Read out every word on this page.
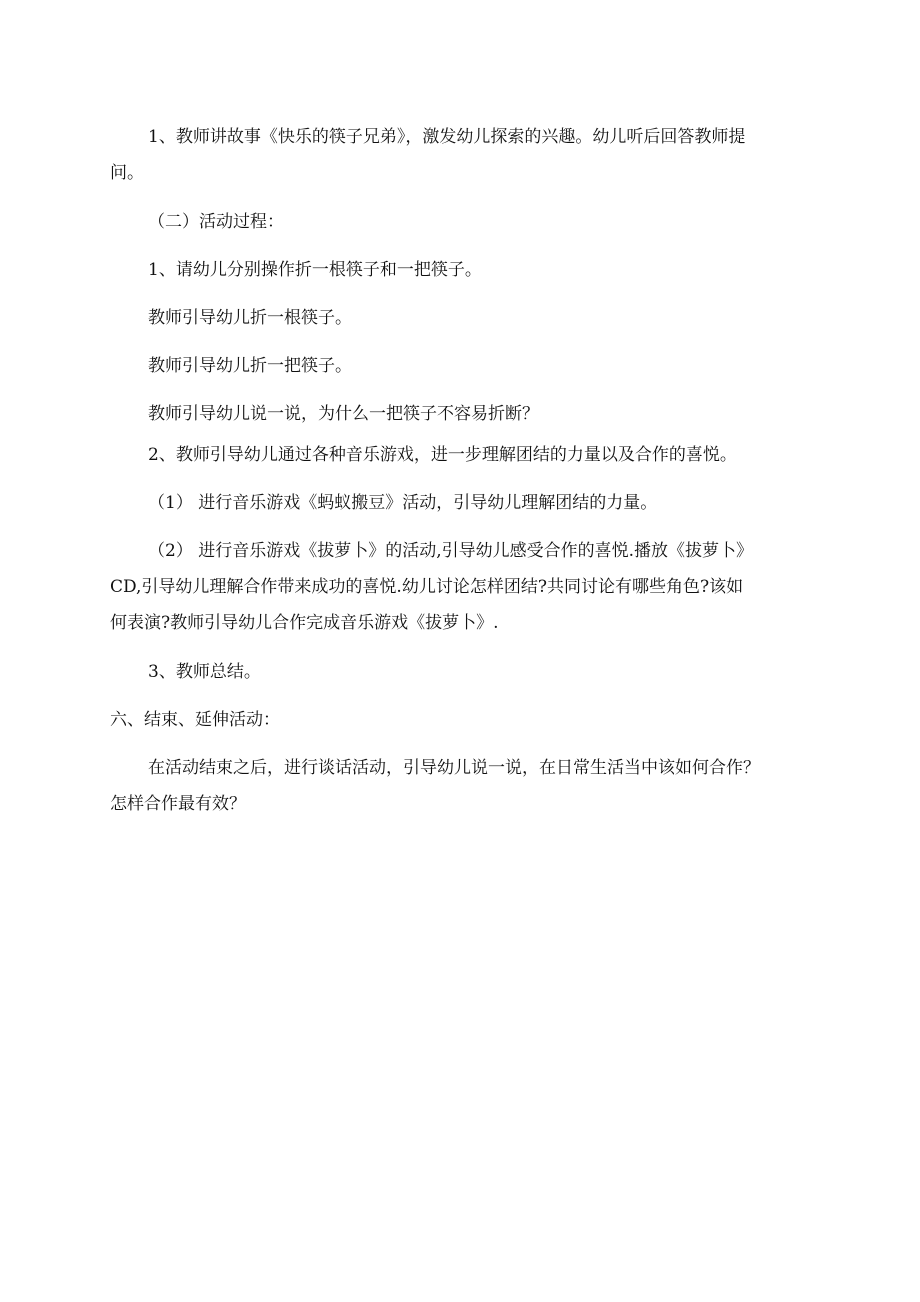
1、教师讲故事《快乐的筷子兄弟》，激发幼儿探索的兴趣。幼儿听后回答教师提
问。
（二）活动过程：
1、请幼儿分别操作折一根筷子和一把筷子。
教师引导幼儿折一根筷子。
教师引导幼儿折一把筷子。
教师引导幼儿说一说，为什么一把筷子不容易折断？
2、教师引导幼儿通过各种音乐游戏，进一步理解团结的力量以及合作的喜悦。
（1） 进行音乐游戏《蚂蚁搬豆》活动，引导幼儿理解团结的力量。
（2） 进行音乐游戏《拔萝卜》的活动,引导幼儿感受合作的喜悦.播放《拔萝卜》
CD,引导幼儿理解合作带来成功的喜悦.幼儿讨论怎样团结?共同讨论有哪些角色?该如
何表演?教师引导幼儿合作完成音乐游戏《拔萝卜》.
3、教师总结。
六、结束、延伸活动：
在活动结束之后，进行谈话活动，引导幼儿说一说，在日常生活当中该如何合作？
怎样合作最有效？
